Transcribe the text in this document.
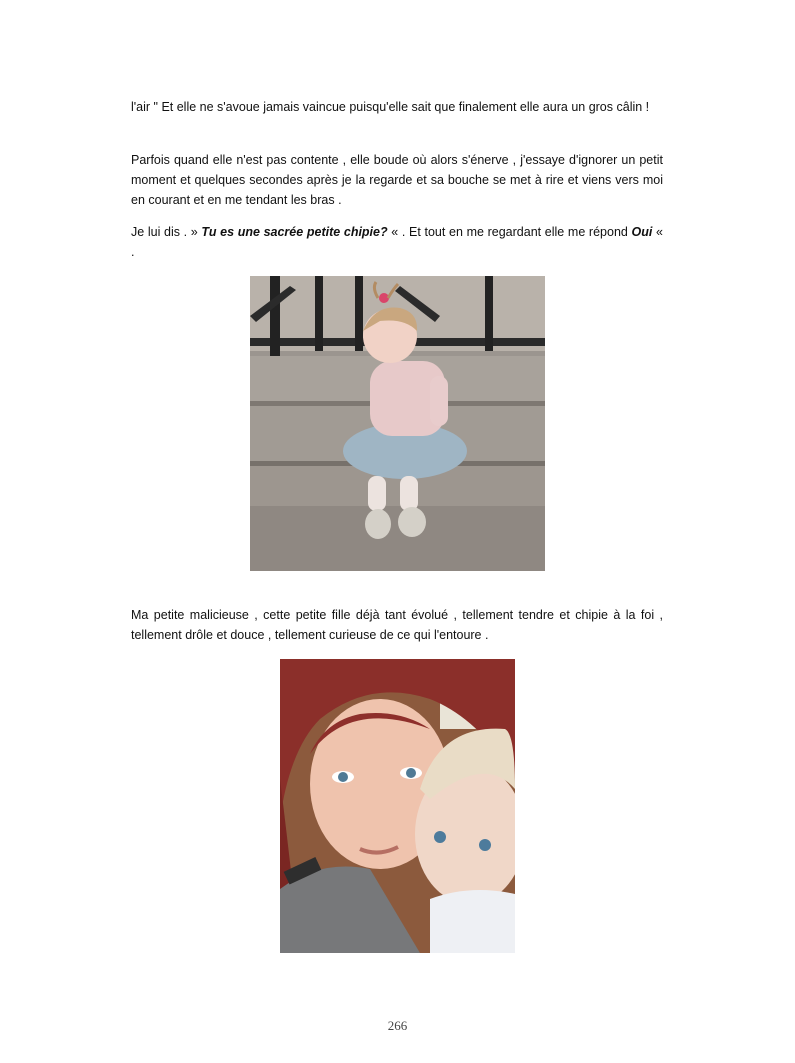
l'air " Et elle ne s'avoue jamais vaincue puisqu'elle sait que finalement elle aura un gros câlin !

Parfois quand elle n'est pas contente , elle boude où alors s'énerve , j'essaye d'ignorer un petit moment et quelques secondes après je la regarde et sa bouche se met à rire et viens vers moi en courant et en me tendant les bras .

Je lui dis . » Tu es une sacrée petite chipie? « . Et tout en me regardant elle me répond Oui « .

Ma petite malicieuse , cette petite fille déjà tant évolué , tellement tendre et chipie à la foi , tellement drôle et douce , tellement curieuse de ce qui l'entoure .

266
